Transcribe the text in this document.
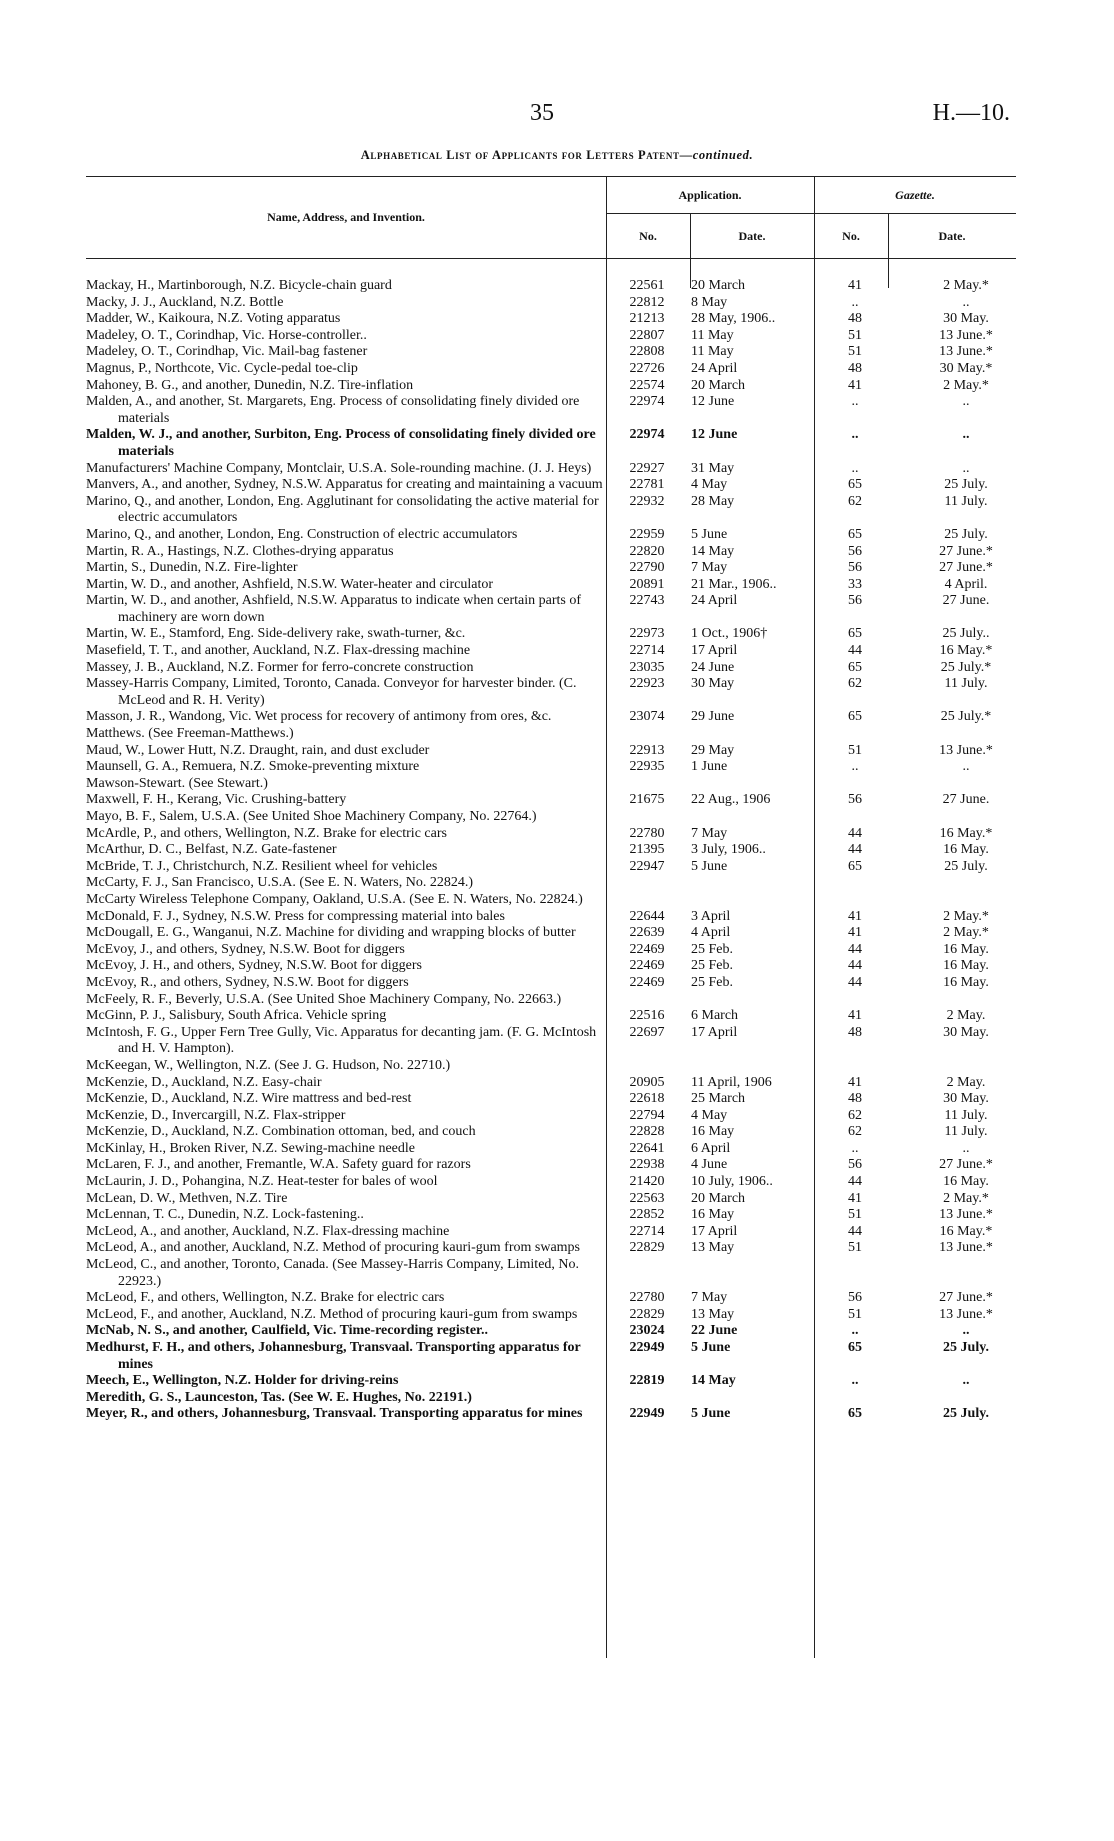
35	H.—10.
Alphabetical List of Applicants for Letters Patent—continued.
Name, Address, and Invention.
Application.	Gazette.
No.	Date.	No.	Date.
Mackay, H., Martinborough, N.Z. Bicycle-chain guard	22561	20 March	41	2 May.*
Macky, J. J., Auckland, N.Z. Bottle	22812	8 May	..	..
Madder, W., Kaikoura, N.Z. Voting apparatus	21213	28 May, 1906..	48	30 May.
Madeley, O. T., Corindhap, Vic. Horse-controller..	22807	11 May	51	13 June.*
Madeley, O. T., Corindhap, Vic. Mail-bag fastener	22808	11 May	51	13 June.*
Magnus, P., Northcote, Vic. Cycle-pedal toe-clip	22726	24 April	48	30 May.*
Mahoney, B. G., and another, Dunedin, N.Z. Tire-inflation	22574	20 March	41	2 May.*
Malden, A., and another, St. Margarets, Eng. Process of consolidating finely divided ore materials
22974	12 June	..	..
Malden, W. J., and another, Surbiton, Eng. Process of consolidating finely divided ore materials
22974	12 June	..	..
Manufacturers' Machine Company, Montclair, U.S.A. Sole-rounding machine. (J. J. Heys)	22927	31 May	..	..
Manvers, A., and another, Sydney, N.S.W. Apparatus for creating and maintaining a vacuum	22781	4 May	65	25 July.
Marino, Q., and another, London, Eng. Agglutinant for consolidating the active material for electric accumulators
22932	28 May	62	11 July.
Marino, Q., and another, London, Eng. Construction of electric accumulators	22959	5 June	65	25 July.
Martin, R. A., Hastings, N.Z. Clothes-drying apparatus	22820	14 May	56	27 June.*
Martin, S., Dunedin, N.Z. Fire-lighter	22790	7 May	56	27 June.*
Martin, W. D., and another, Ashfield, N.S.W. Water-heater and circulator	20891	21 Mar., 1906..	33	4 April.
Martin, W. D., and another, Ashfield, N.S.W. Apparatus to indicate when certain parts of machinery are worn down
22743	24 April	56	27 June.
Martin, W. E., Stamford, Eng. Side-delivery rake, swath-turner, &c.	22973	1 Oct., 1906†	65	25 July..
Masefield, T. T., and another, Auckland, N.Z. Flax-dressing machine	22714	17 April	44	16 May.*
Massey, J. B., Auckland, N.Z. Former for ferro-concrete construction	23035	24 June	65	25 July.*
Massey-Harris Company, Limited, Toronto, Canada. Conveyor for harvester binder. (C. McLeod and R. H. Verity)
22923	30 May	62	11 July.
Masson, J. R., Wandong, Vic. Wet process for recovery of antimony from ores, &c.	23074	29 June	65	25 July.*
Matthews. (See Freeman-Matthews.)
Maud, W., Lower Hutt, N.Z. Draught, rain, and dust excluder	22913	29 May	51	13 June.*
Maunsell, G. A., Remuera, N.Z. Smoke-preventing mixture	22935	1 June	..	..
Mawson-Stewart. (See Stewart.)
Maxwell, F. H., Kerang, Vic. Crushing-battery	21675	22 Aug., 1906	56	27 June.
Mayo, B. F., Salem, U.S.A. (See United Shoe Machinery Company, No. 22764.)
McArdle, P., and others, Wellington, N.Z. Brake for electric cars	22780	7 May	44	16 May.*
McArthur, D. C., Belfast, N.Z. Gate-fastener	21395	3 July, 1906..	44	16 May.
McBride, T. J., Christchurch, N.Z. Resilient wheel for vehicles	22947	5 June	65	25 July.
McCarty, F. J., San Francisco, U.S.A. (See E. N. Waters, No. 22824.)
McCarty Wireless Telephone Company, Oakland, U.S.A. (See E. N. Waters, No. 22824.)
McDonald, F. J., Sydney, N.S.W. Press for compressing material into bales	22644	3 April	41	2 May.*
McDougall, E. G., Wanganui, N.Z. Machine for dividing and wrapping blocks of butter	22639	4 April	41	2 May.*
McEvoy, J., and others, Sydney, N.S.W. Boot for diggers	22469	25 Feb.	44	16 May.
McEvoy, J. H., and others, Sydney, N.S.W. Boot for diggers	22469	25 Feb.	44	16 May.
McEvoy, R., and others, Sydney, N.S.W. Boot for diggers	22469	25 Feb.	44	16 May.
McFeely, R. F., Beverly, U.S.A. (See United Shoe Machinery Company, No. 22663.)
McGinn, P. J., Salisbury, South Africa. Vehicle spring	22516	6 March	41	2 May.
McIntosh, F. G., Upper Fern Tree Gully, Vic. Apparatus for decanting jam. (F. G. McIntosh and H. V. Hampton).
22697	17 April	48	30 May.
McKeegan, W., Wellington, N.Z. (See J. G. Hudson, No. 22710.)
McKenzie, D., Auckland, N.Z. Easy-chair	20905	11 April, 1906	41	2 May.
McKenzie, D., Auckland, N.Z. Wire mattress and bed-rest	22618	25 March	48	30 May.
McKenzie, D., Invercargill, N.Z. Flax-stripper	22794	4 May	62	11 July.
McKenzie, D., Auckland, N.Z. Combination ottoman, bed, and couch	22828	16 May	62	11 July.
McKinlay, H., Broken River, N.Z. Sewing-machine needle	22641	6 April	..	..
McLaren, F. J., and another, Fremantle, W.A. Safety guard for razors	22938	4 June	56	27 June.*
McLaurin, J. D., Pohangina, N.Z. Heat-tester for bales of wool	21420	10 July, 1906..	44	16 May.
McLean, D. W., Methven, N.Z. Tire	22563	20 March	41	2 May.*
McLennan, T. C., Dunedin, N.Z. Lock-fastening..	22852	16 May	51	13 June.*
McLeod, A., and another, Auckland, N.Z. Flax-dressing machine	22714	17 April	44	16 May.*
McLeod, A., and another, Auckland, N.Z. Method of procuring kauri-gum from swamps	22829	13 May	51	13 June.*
McLeod, C., and another, Toronto, Canada. (See Massey-Harris Company, Limited, No. 22923.)
McLeod, F., and others, Wellington, N.Z. Brake for electric cars	22780	7 May	56	27 June.*
McLeod, F., and another, Auckland, N.Z. Method of procuring kauri-gum from swamps	22829	13 May	51	13 June.*
McNab, N. S., and another, Caulfield, Vic. Time-recording register..	23024	22 June	..	..
Medhurst, F. H., and others, Johannesburg, Transvaal. Transporting apparatus for mines
22949	5 June	65	25 July.
Meech, E., Wellington, N.Z. Holder for driving-reins	22819	14 May	..	..
Meredith, G. S., Launceston, Tas. (See W. E. Hughes, No. 22191.)
Meyer, R., and others, Johannesburg, Transvaal. Transporting apparatus for mines	22949	5 June	65	25 July.
